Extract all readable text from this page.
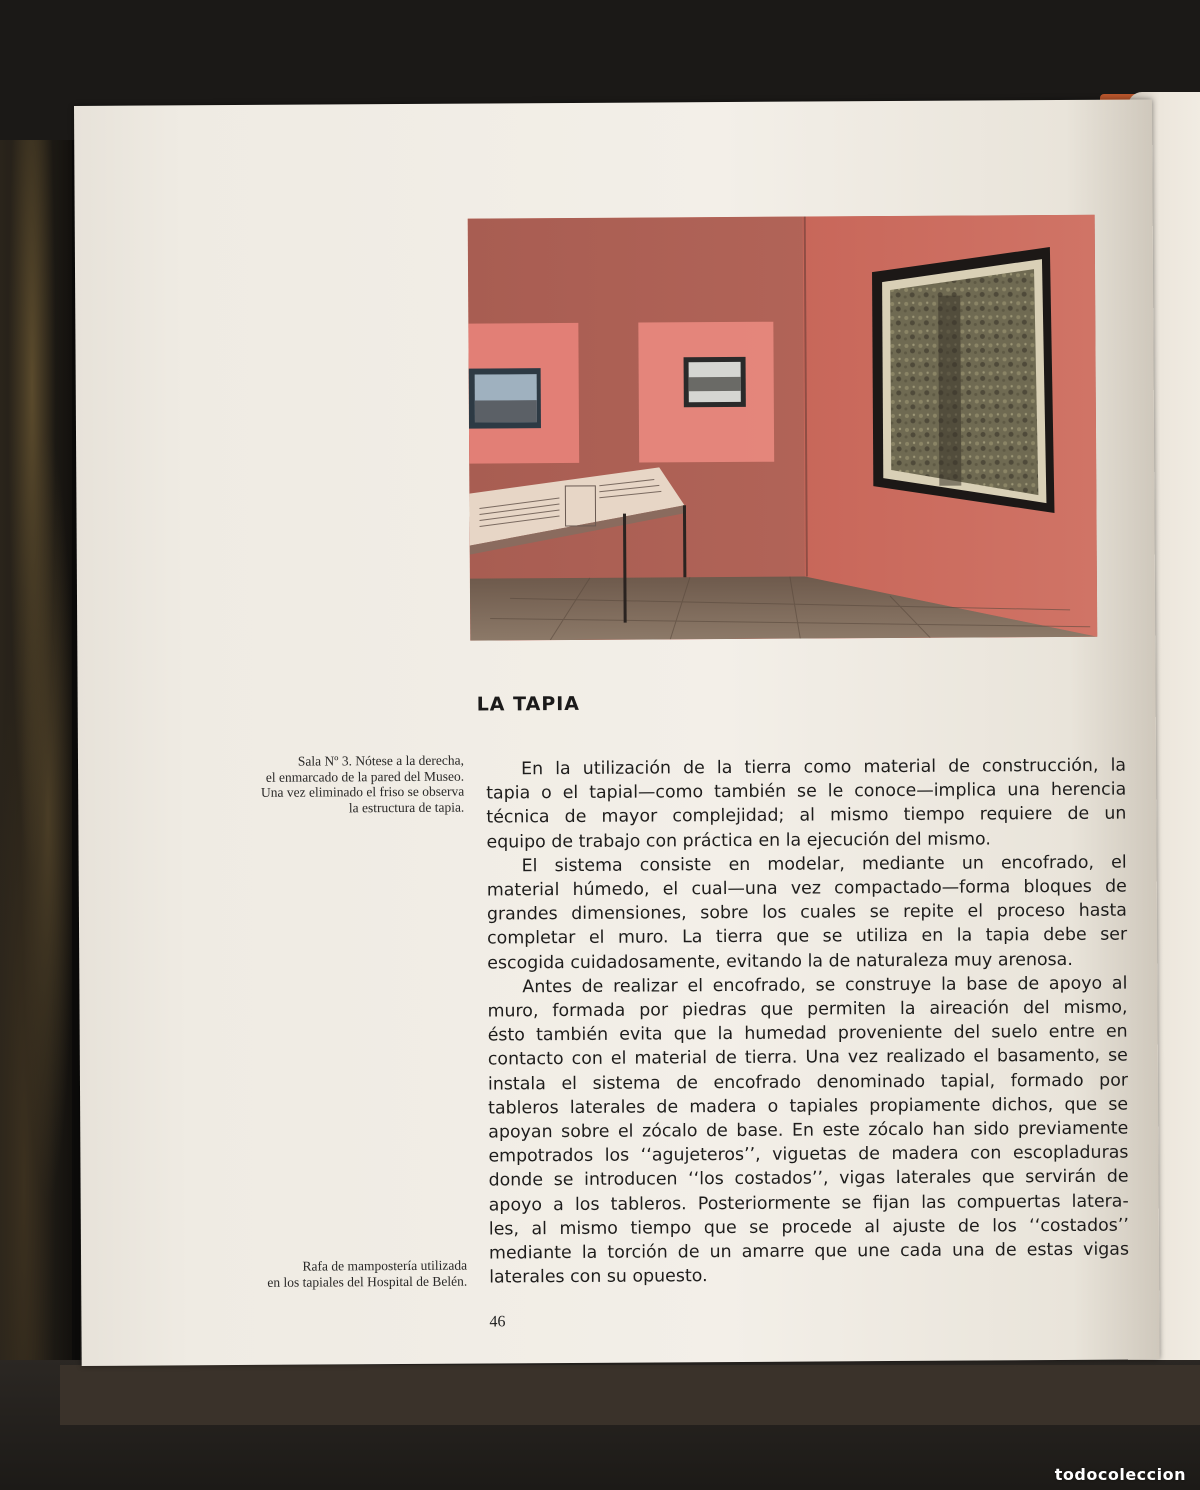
LA TAPIA
Sala Nº 3. Nótese a la derecha,
el enmarcado de la pared del Museo.
Una vez eliminado el friso se observa
la estructura de tapia.
Rafa de mampostería utilizada
en los tapiales del Hospital de Belén.
En la utilización de la tierra como material de construcción, la
tapia o el tapial—como también se le conoce—implica una herencia
técnica de mayor complejidad; al mismo tiempo requiere de un
equipo de trabajo con práctica en la ejecución del mismo.
El sistema consiste en modelar, mediante un encofrado, el
material húmedo, el cual—una vez compactado—forma bloques de
grandes dimensiones, sobre los cuales se repite el proceso hasta
completar el muro. La tierra que se utiliza en la tapia debe ser
escogida cuidadosamente, evitando la de naturaleza muy arenosa.
Antes de realizar el encofrado, se construye la base de apoyo al
muro, formada por piedras que permiten la aireación del mismo,
ésto también evita que la humedad proveniente del suelo entre en
contacto con el material de tierra. Una vez realizado el basamento, se
instala el sistema de encofrado denominado tapial, formado por
tableros laterales de madera o tapiales propiamente dichos, que se
apoyan sobre el zócalo de base. En este zócalo han sido previamente
empotrados los ‘‘agujeteros’’, viguetas de madera con escopladuras
donde se introducen ‘‘los costados’’, vigas laterales que servirán de
apoyo a los tableros. Posteriormente se fijan las compuertas latera-
les, al mismo tiempo que se procede al ajuste de los ‘‘costados’’
mediante la torción de un amarre que une cada una de estas vigas
laterales con su opuesto.
46
todocoleccion
